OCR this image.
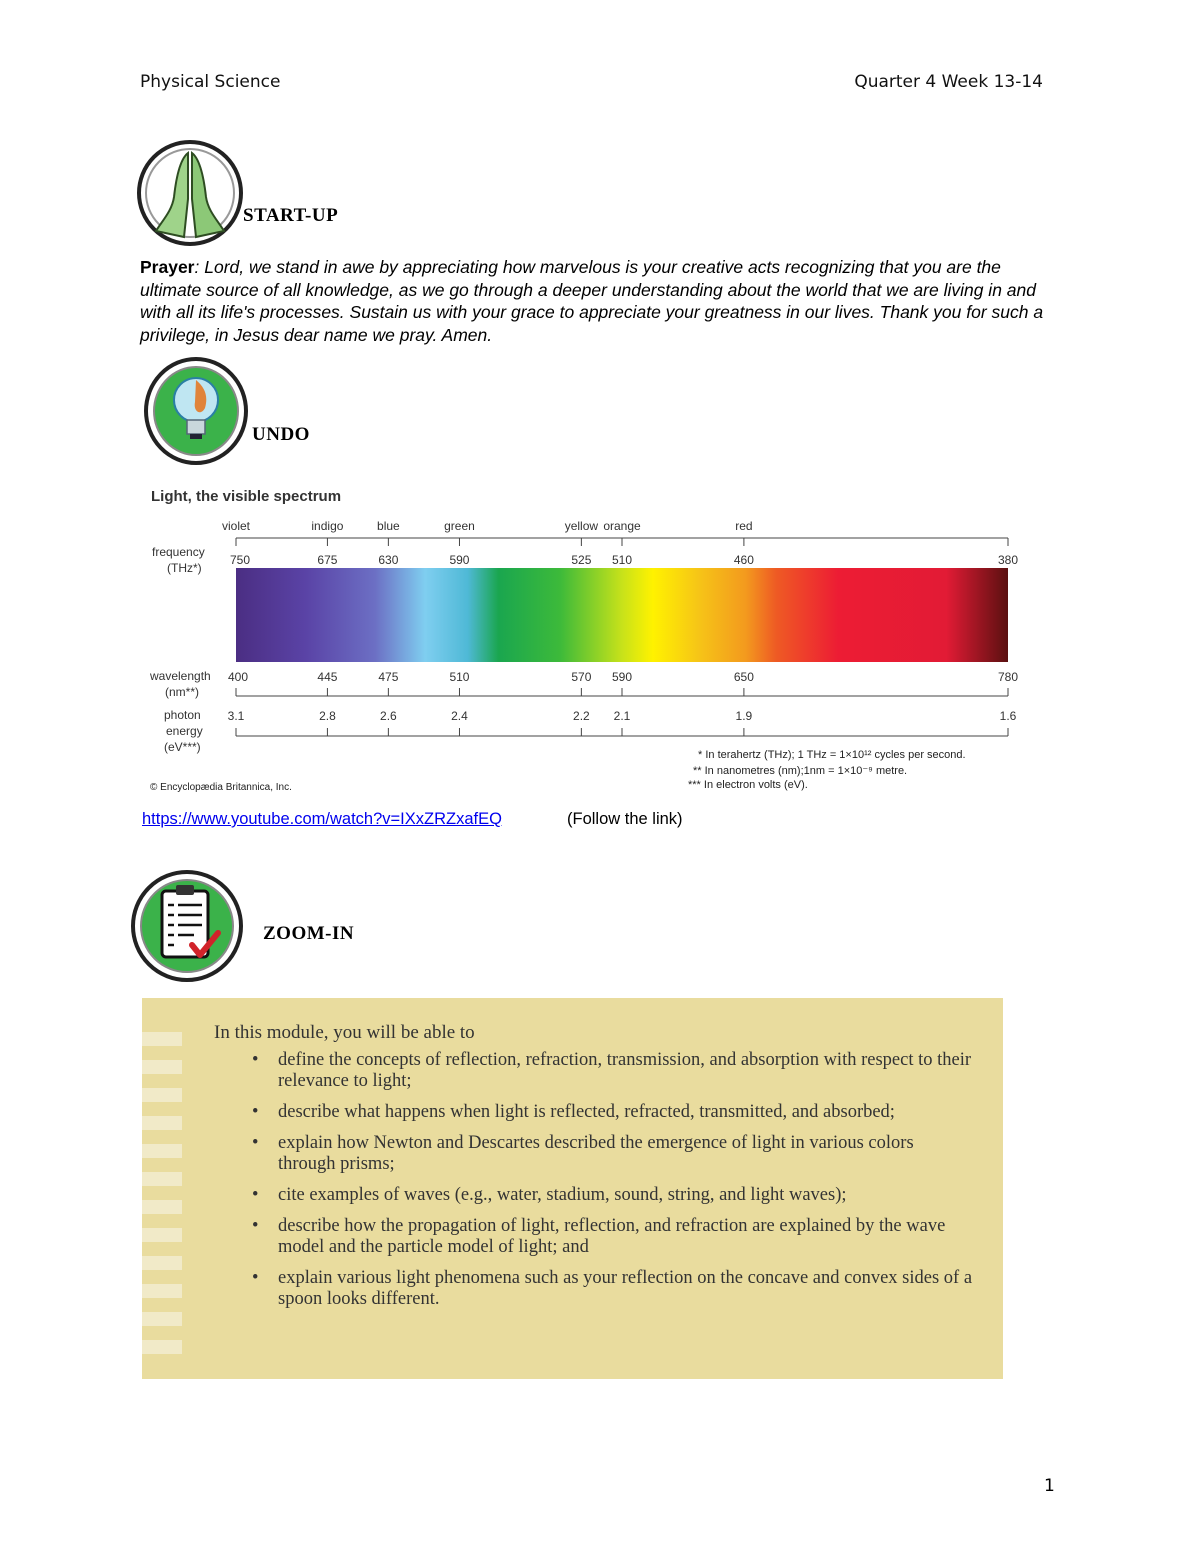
Physical Science	Quarter 4 Week 13-14
START-UP
Prayer: Lord, we stand in awe by appreciating how marvelous is your creative acts recognizing that you are the ultimate source of all knowledge, as we go through a deeper understanding about the world that we are living in and with all its life's processes. Sustain us with your grace to appreciate your greatness in our lives. Thank you for such a privilege, in Jesus dear name we pray. Amen.
UNDO
Light, the visible spectrum
frequency
(THz*)
wavelength
(nm**)
photon
energy
(eV***)
violet	indigo	blue	green	yellow orange	red
750	675	630	590	525 510	460	380
400	445	475	510	570 590	650	780
3.1	2.8	2.6	2.4	2.2 2.1	1.9	1.6
* In terahertz (THz); 1 THz = 1×10¹² cycles per second.
** In nanometres (nm);1nm = 1×10⁻⁹ metre.
*** In electron volts (eV).
© Encyclopædia Britannica, Inc.
https://www.youtube.com/watch?v=IXxZRZxafEQ	(Follow the link)
ZOOM-IN
In this module, you will be able to
• define the concepts of reflection, refraction, transmission, and absorption with respect to their relevance to light;
• describe what happens when light is reflected, refracted, transmitted, and absorbed;
• explain how Newton and Descartes described the emergence of light in various colors through prisms;
• cite examples of waves (e.g., water, stadium, sound, string, and light waves);
• describe how the propagation of light, reflection, and refraction are explained by the wave model and the particle model of light; and
• explain various light phenomena such as your reflection on the concave and convex sides of a spoon looks different.
1
